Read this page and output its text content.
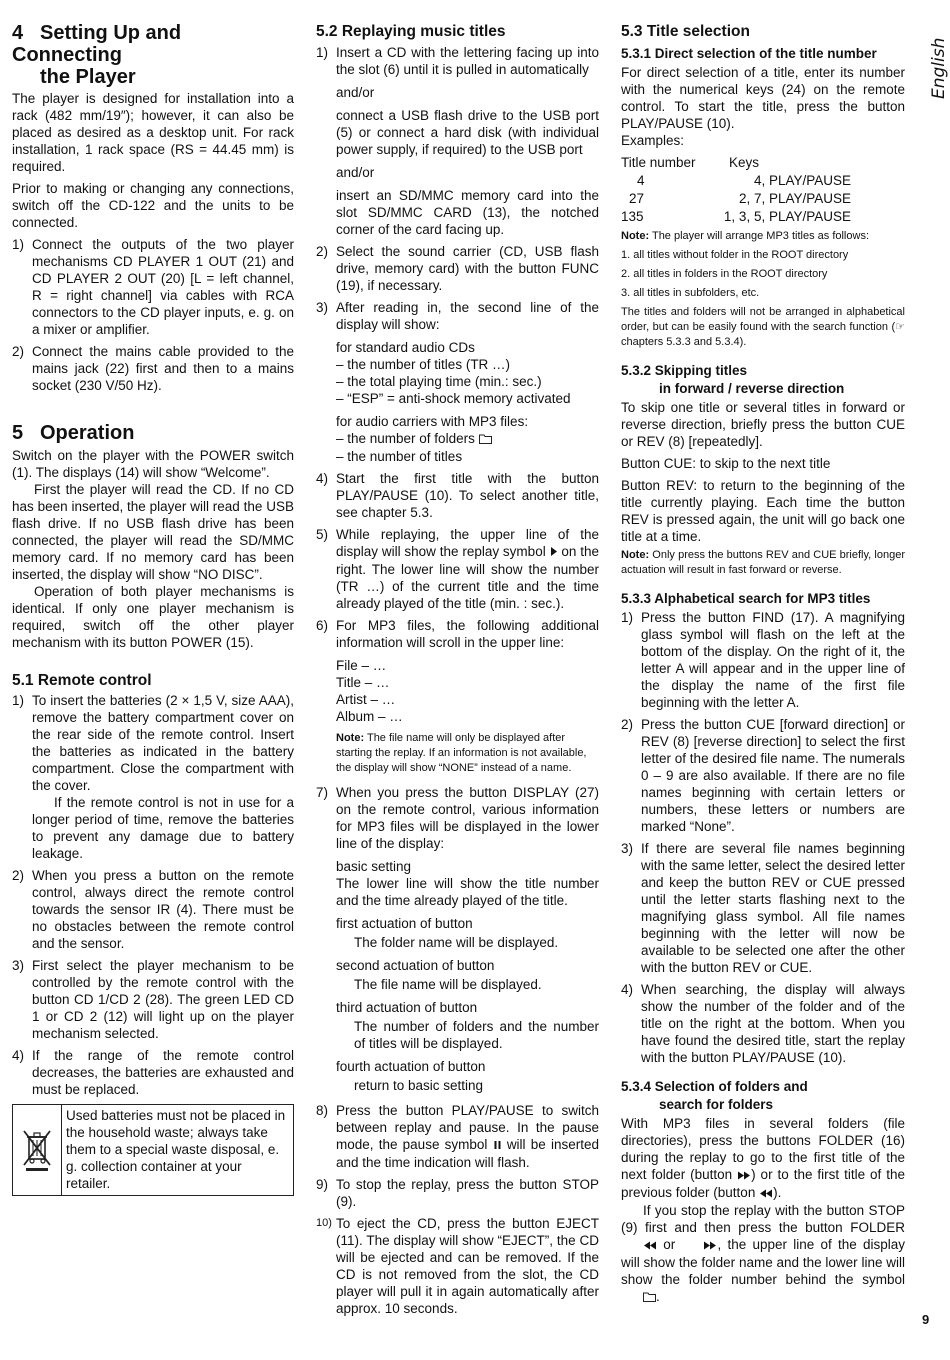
4 Setting Up and Connecting
the Player

The player is designed for installation into a rack (482 mm/19″); however, it can also be placed as desired as a desktop unit. For rack installation, 1 rack space (RS = 44.45 mm) is required.

Prior to making or changing any connections, switch off the CD-122 and the units to be connected.

1) Connect the outputs of the two player mechanisms CD PLAYER 1 OUT (21) and CD PLAYER 2 OUT (20) [L = left channel, R = right channel] via cables with RCA connectors to the CD player inputs, e. g. on a mixer or amplifier.

2) Connect the mains cable provided to the mains jack (22) first and then to a mains socket (230 V/50 Hz).

5 Operation

Switch on the player with the POWER switch (1). The displays (14) will show “Welcome”.

First the player will read the CD. If no CD has been inserted, the player will read the USB flash drive. If no USB flash drive has been connected, the player will read the SD/MMC memory card. If no memory card has been inserted, the display will show “NO DISC”.

Operation of both player mechanisms is identical. If only one player mechanism is required, switch off the other player mechanism with its button POWER (15).

5.1 Remote control
1) To insert the batteries (2 × 1,5 V, size AAA), remove the battery compartment cover on the rear side of the remote control. Insert the batteries as indicated in the battery compartment. Close the compartment with the cover.

If the remote control is not in use for a longer period of time, remove the batteries to prevent any damage due to battery leakage.

2) When you press a button on the remote control, always direct the remote control towards the sensor IR (4). There must be no obstacles between the remote control and the sensor.

3) First select the player mechanism to be controlled by the remote control with the button CD 1/CD 2 (28). The green LED CD 1 or CD 2 (12) will light up on the player mechanism selected.

4) If the range of the remote control decreases, the batteries are exhausted and must be replaced.

Used batteries must not be placed in the household waste; always take them to a special waste disposal, e. g. collection container at your retailer.
5.2 Replaying music titles
1) Insert a CD with the lettering facing up into the slot (6) until it is pulled in automatically

and/or

connect a USB flash drive to the USB port (5) or connect a hard disk (with individual power supply, if required) to the USB port

and/or

insert an SD/MMC memory card into the slot SD/MMC CARD (13), the notched corner of the card facing up.

2) Select the sound carrier (CD, USB flash drive, memory card) with the button FUNC (19), if necessary.

3) After reading in, the second line of the display will show:

for standard audio CDs

– the number of titles (TR …)

– the total playing time (min.: sec.)

– “ESP” = anti-shock memory activated

for audio carriers with MP3 files:

– the number of folders

– the number of titles

4) Start the first title with the button PLAY/PAUSE (10). To select another title, see chapter 5.3.

5) While replaying, the upper line of the display will show the replay symbol on the right. The lower line will show the number (TR …) of the current title and the time already played of the title (min. : sec.).

6) For MP3 files, the following additional information will scroll in the upper line:

File – …

Title – …

Artist – …

Album – …

Note: The file name will only be displayed after starting the replay. If an information is not available, the display will show “NONE” instead of a name.

7) When you press the button DISPLAY (27) on the remote control, various information for MP3 files will be displayed in the lower line of the display:

basic setting

The lower line will show the title number and the time already played of the title.

first actuation of button

The folder name will be displayed.

second actuation of button

The file name will be displayed.

third actuation of button

The number of folders and the number of titles will be displayed.

fourth actuation of button

return to basic setting

8) Press the button PLAY/PAUSE to switch between replay and pause. In the pause mode, the pause symbol will be inserted and the time indication will flash.

9) To stop the replay, press the button STOP (9).

10) To eject the CD, press the button EJECT (11). The display will show “EJECT”, the CD will be ejected and can be removed. If the CD is not removed from the slot, the CD player will pull it in again automatically after approx. 10 seconds.

5.3 Title selection
5.3.1 Direct selection of the title number

For direct selection of a title, enter its number with the numerical keys (24) on the remote control. To start the title, press the button PLAY/PAUSE (10).

Examples:

Title number	Keys
4	4, PLAY/PAUSE
27	2, 7, PLAY/PAUSE
135	1, 3, 5, PLAY/PAUSE

Note: The player will arrange MP3 titles as follows:

1. all titles without folder in the ROOT directory

2. all titles in folders in the ROOT directory

3. all titles in subfolders, etc.

The titles and folders will not be arranged in alphabetical order, but can be easily found with the search function (☞ chapters 5.3.3 and 5.3.4).

5.3.2 Skipping titles
in forward / reverse direction

To skip one title or several titles in forward or reverse direction, briefly press the button CUE or REV (8) [repeatedly].

Button CUE: to skip to the next title

Button REV: to return to the beginning of the title currently playing. Each time the button REV is pressed again, the unit will go back one title at a time.

Note: Only press the buttons REV and CUE briefly, longer actuation will result in fast forward or reverse.

5.3.3 Alphabetical search for MP3 titles
1) Press the button FIND (17). A magnifying glass symbol will flash on the left at the bottom of the display. On the right of it, the letter A will appear and in the upper line of the display the name of the first file beginning with the letter A.

2) Press the button CUE [forward direction] or REV (8) [reverse direction] to select the first letter of the desired file name. The numerals 0 – 9 are also available. If there are no file names beginning with certain letters or numbers, these letters or numbers are marked “None”.

3) If there are several file names beginning with the same letter, select the desired letter and keep the button REV or CUE pressed until the letter starts flashing next to the magnifying glass symbol. All file names beginning with the letter will now be available to be selected one after the other with the button REV or CUE.

4) When searching, the display will always show the number of the folder and of the title on the right at the bottom. When you have found the desired title, start the replay with the button PLAY/PAUSE (10).

5.3.4 Selection of folders and
search for folders

With MP3 files in several folders (file directories), press the buttons FOLDER (16) during the replay to go to the first title of the next folder (button ) or to the first title of the previous folder (button ).

If you stop the replay with the button STOP (9) first and then press the button FOLDER  or	, the upper line of the display will show the folder name and the lower line will show the folder number behind the symbol .

English
9
